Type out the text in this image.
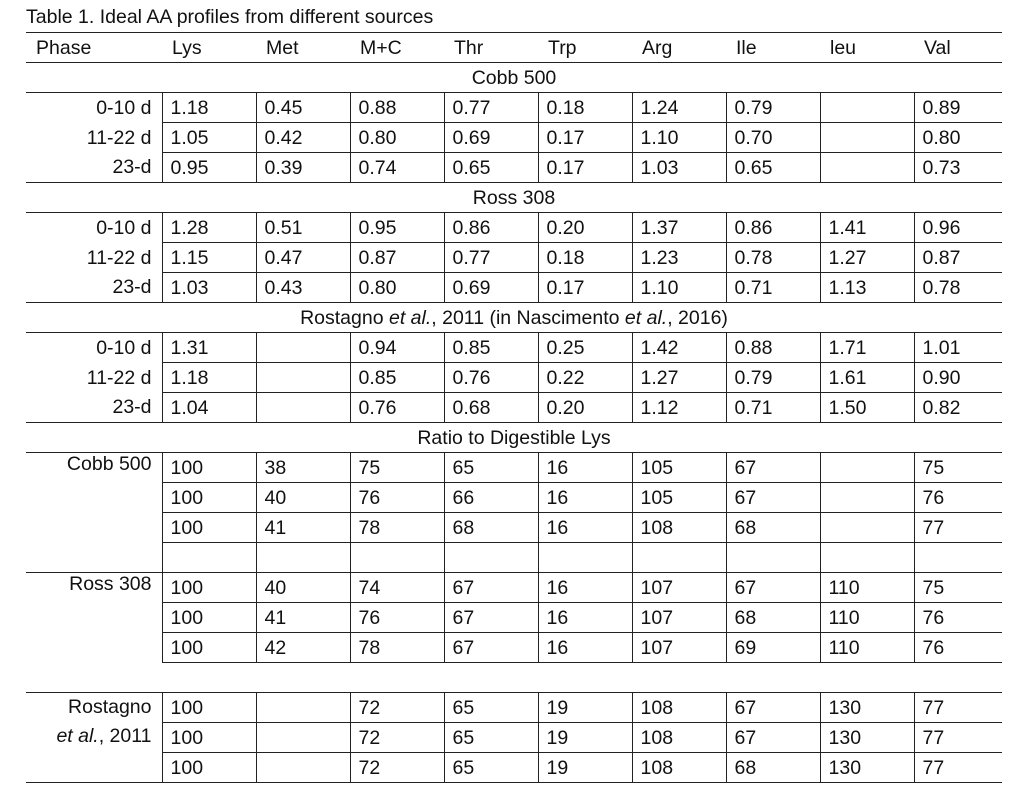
Table 1. Ideal AA profiles from different sources
Phase	Lys	Met	M+C	Thr	Trp	Arg	Ile	leu	Val
Cobb 500									
0-10 d	1.18	0.45	0.88	0.77	0.18	1.24	0.79		0.89
11-22 d	1.05	0.42	0.80	0.69	0.17	1.10	0.70		0.80
23-d	0.95	0.39	0.74	0.65	0.17	1.03	0.65		0.73
Ross 308									
0-10 d	1.28	0.51	0.95	0.86	0.20	1.37	0.86	1.41	0.96
11-22 d	1.15	0.47	0.87	0.77	0.18	1.23	0.78	1.27	0.87
23-d	1.03	0.43	0.80	0.69	0.17	1.10	0.71	1.13	0.78
Rostagno et al., 2011 (in Nascimento et al., 2016)									
0-10 d	1.31		0.94	0.85	0.25	1.42	0.88	1.71	1.01
11-22 d	1.18		0.85	0.76	0.22	1.27	0.79	1.61	0.90
23-d	1.04		0.76	0.68	0.20	1.12	0.71	1.50	0.82
Ratio to Digestible Lys									
Cobb 500	100	38	75	65	16	105	67		75
	100	40	76	66	16	105	67		76
	100	41	78	68	16	108	68		77

Ross 308	100	40	74	67	16	107	67	110	75
	100	41	76	67	16	107	68	110	76
	100	42	78	67	16	107	69	110	76

Rostagno
et al., 2011	100		72	65	19	108	67	130	77
	100		72	65	19	108	67	130	77
	100		72	65	19	108	68	130	77
